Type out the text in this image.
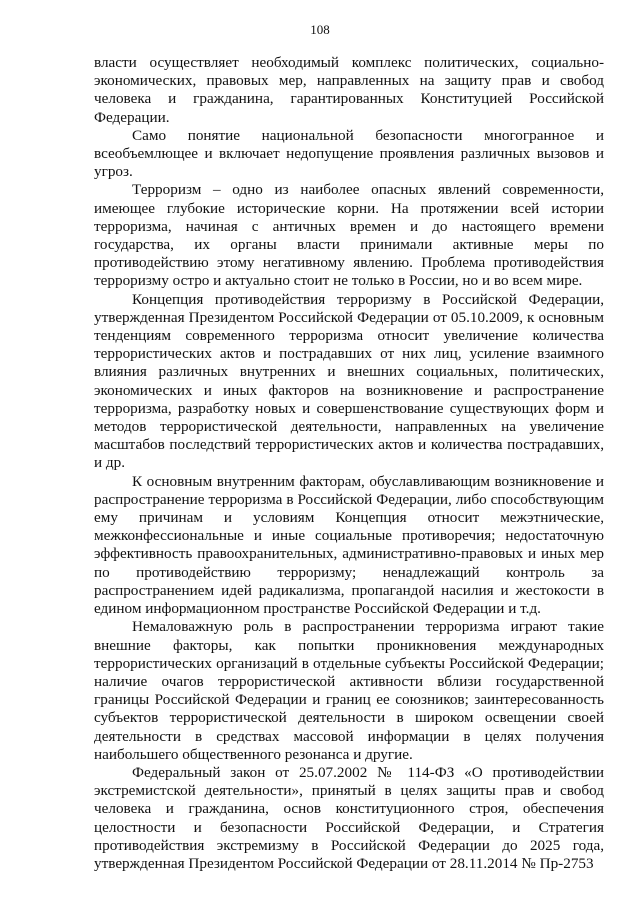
108

власти осуществляет необходимый комплекс политических, социально-экономических, правовых мер, направленных на защиту прав и свобод человека и гражданина, гарантированных Конституцией Российской Федерации.

Само понятие национальной безопасности многогранное и всеобъемлющее и включает недопущение проявления различных вызовов и угроз.

Терроризм – одно из наиболее опасных явлений современности, имеющее глубокие исторические корни. На протяжении всей истории терроризма, начиная с античных времен и до настоящего времени государства, их органы власти принимали активные меры по противодействию этому негативному явлению. Проблема противодействия терроризму остро и актуально стоит не только в России, но и во всем мире.

Концепция противодействия терроризму в Российской Федерации, утвержденная Президентом Российской Федерации от 05.10.2009, к основным тенденциям современного терроризма относит увеличение количества террористических актов и пострадавших от них лиц, усиление взаимного влияния различных внутренних и внешних социальных, политических, экономических и иных факторов на возникновение и распространение терроризма, разработку новых и совершенствование существующих форм и методов террористической деятельности, направленных на увеличение масштабов последствий террористических актов и количества пострадавших, и др.

К основным внутренним факторам, обуславливающим возникновение и распространение терроризма в Российской Федерации, либо способствующим ему причинам и условиям Концепция относит межэтнические, межконфессиональные и иные социальные противоречия; недостаточную эффективность правоохранительных, административно-правовых и иных мер по противодействию терроризму; ненадлежащий контроль за распространением идей радикализма, пропагандой насилия и жестокости в едином информационном пространстве Российской Федерации и т.д.

Немаловажную роль в распространении терроризма играют такие внешние факторы, как попытки проникновения международных террористических организаций в отдельные субъекты Российской Федерации; наличие очагов террористической активности вблизи государственной границы Российской Федерации и границ ее союзников; заинтересованность субъектов террористической деятельности в широком освещении своей деятельности в средствах массовой информации в целях получения наибольшего общественного резонанса и другие.

Федеральный закон от 25.07.2002 № 114-ФЗ «О противодействии экстремистской деятельности», принятый в целях защиты прав и свобод человека и гражданина, основ конституционного строя, обеспечения целостности и безопасности Российской Федерации, и Стратегия противодействия экстремизму в Российской Федерации до 2025 года, утвержденная Президентом Российской Федерации от 28.11.2014 № Пр-2753
